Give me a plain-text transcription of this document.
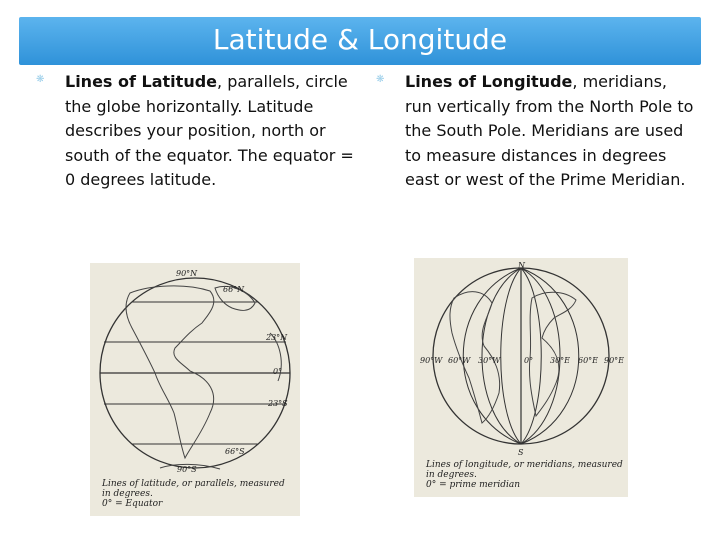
Latitude & Longitude
❋ Lines of Latitude, parallels, circle the globe horizontally. Latitude describes your position, north or south of the equator. The equator = 0 degrees latitude.
❋ Lines of Longitude, meridians, run vertically from the North Pole to the South Pole. Meridians are used to measure distances in degrees east or west of the Prime Meridian.
90°N
66°N
23°N
0°
23°S
66°S
90°S
Lines of latitude, or parallels, measured
in degrees.
0° = Equator
N
S
90°W 60°W 30°W	0° 30°E 60°E 90°E
Lines of longitude, or meridians, measured
in degrees.
0° = prime meridian
